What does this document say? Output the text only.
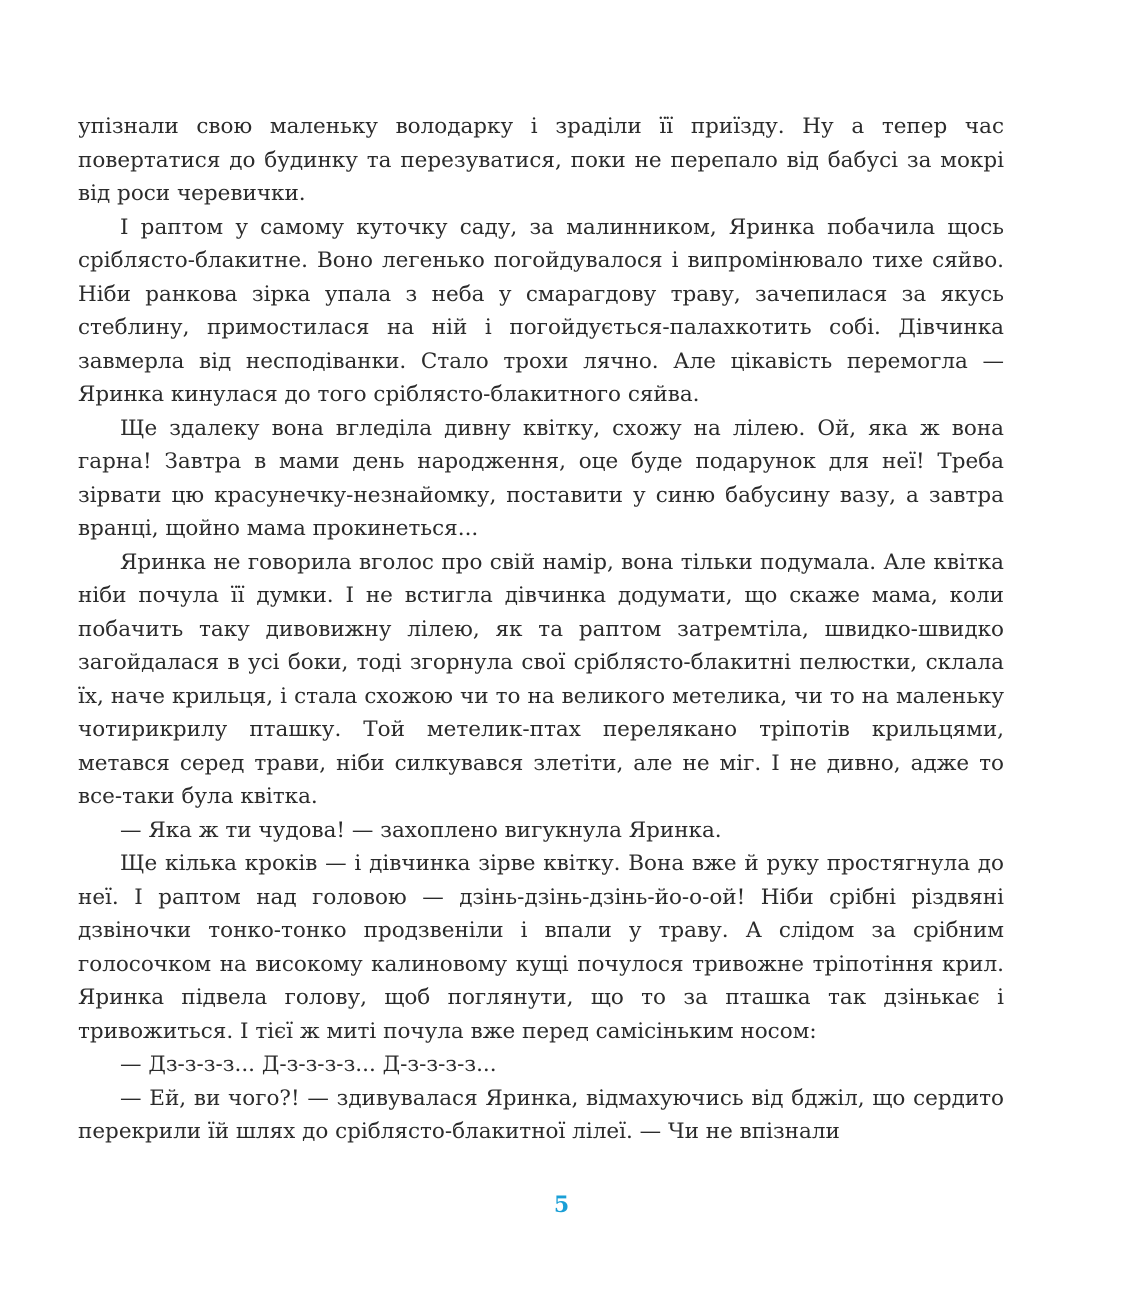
упізнали свою маленьку володарку і зраділи її приїзду. Ну а тепер час повертатися до будинку та перезуватися, поки не перепало від бабусі за мокрі від роси черевички.

І раптом у самому куточку саду, за малинником, Яринка побачила щось сріблясто-блакитне. Воно легенько погойдувалося і випромінювало тихе сяйво. Ніби ранкова зірка упала з неба у смарагдову траву, зачепилася за якусь стеблину, примостилася на ній і погойдується-палахкотить собі. Дівчинка завмерла від несподіванки. Стало трохи лячно. Але цікавість перемогла — Яринка кинулася до того сріблясто-блакитного сяйва.

Ще здалеку вона вгледіла дивну квітку, схожу на лілею. Ой, яка ж вона гарна! Завтра в мами день народження, оце буде подарунок для неї! Треба зірвати цю красунечку-незнайомку, поставити у синю бабусину вазу, а завтра вранці, щойно мама прокинеться...

Яринка не говорила вголос про свій намір, вона тільки подумала. Але квітка ніби почула її думки. І не встигла дівчинка додумати, що скаже мама, коли побачить таку дивовижну лілею, як та раптом затремтіла, швидко-швидко загойдалася в усі боки, тоді згорнула свої сріблясто-блакитні пелюстки, склала їх, наче крильця, і стала схожою чи то на великого метелика, чи то на маленьку чотирикрилу пташку. Той метелик-птах перелякано тріпотів крильцями, метався серед трави, ніби силкувався злетіти, але не міг. І не дивно, адже то все-таки була квітка.

— Яка ж ти чудова! — захоплено вигукнула Яринка.

Ще кілька кроків — і дівчинка зірве квітку. Вона вже й руку простягнула до неї. І раптом над головою — дзінь-дзінь-дзінь-йо-о-ой! Ніби срібні різдвяні дзвіночки тонко-тонко продзвеніли і впали у траву. А слідом за срібним голосочком на високому калиновому кущі почулося тривожне тріпотіння крил. Яринка підвела голову, щоб поглянути, що то за пташка так дзінькає і тривожиться. І тієї ж миті почула вже перед самісіньким носом:

— Дз-з-з-з... Д-з-з-з-з... Д-з-з-з-з...

— Ей, ви чого?! — здивувалася Яринка, відмахуючись від бджіл, що сердито перекрили їй шлях до сріблясто-блакитної лілеї. — Чи не впізнали

5
